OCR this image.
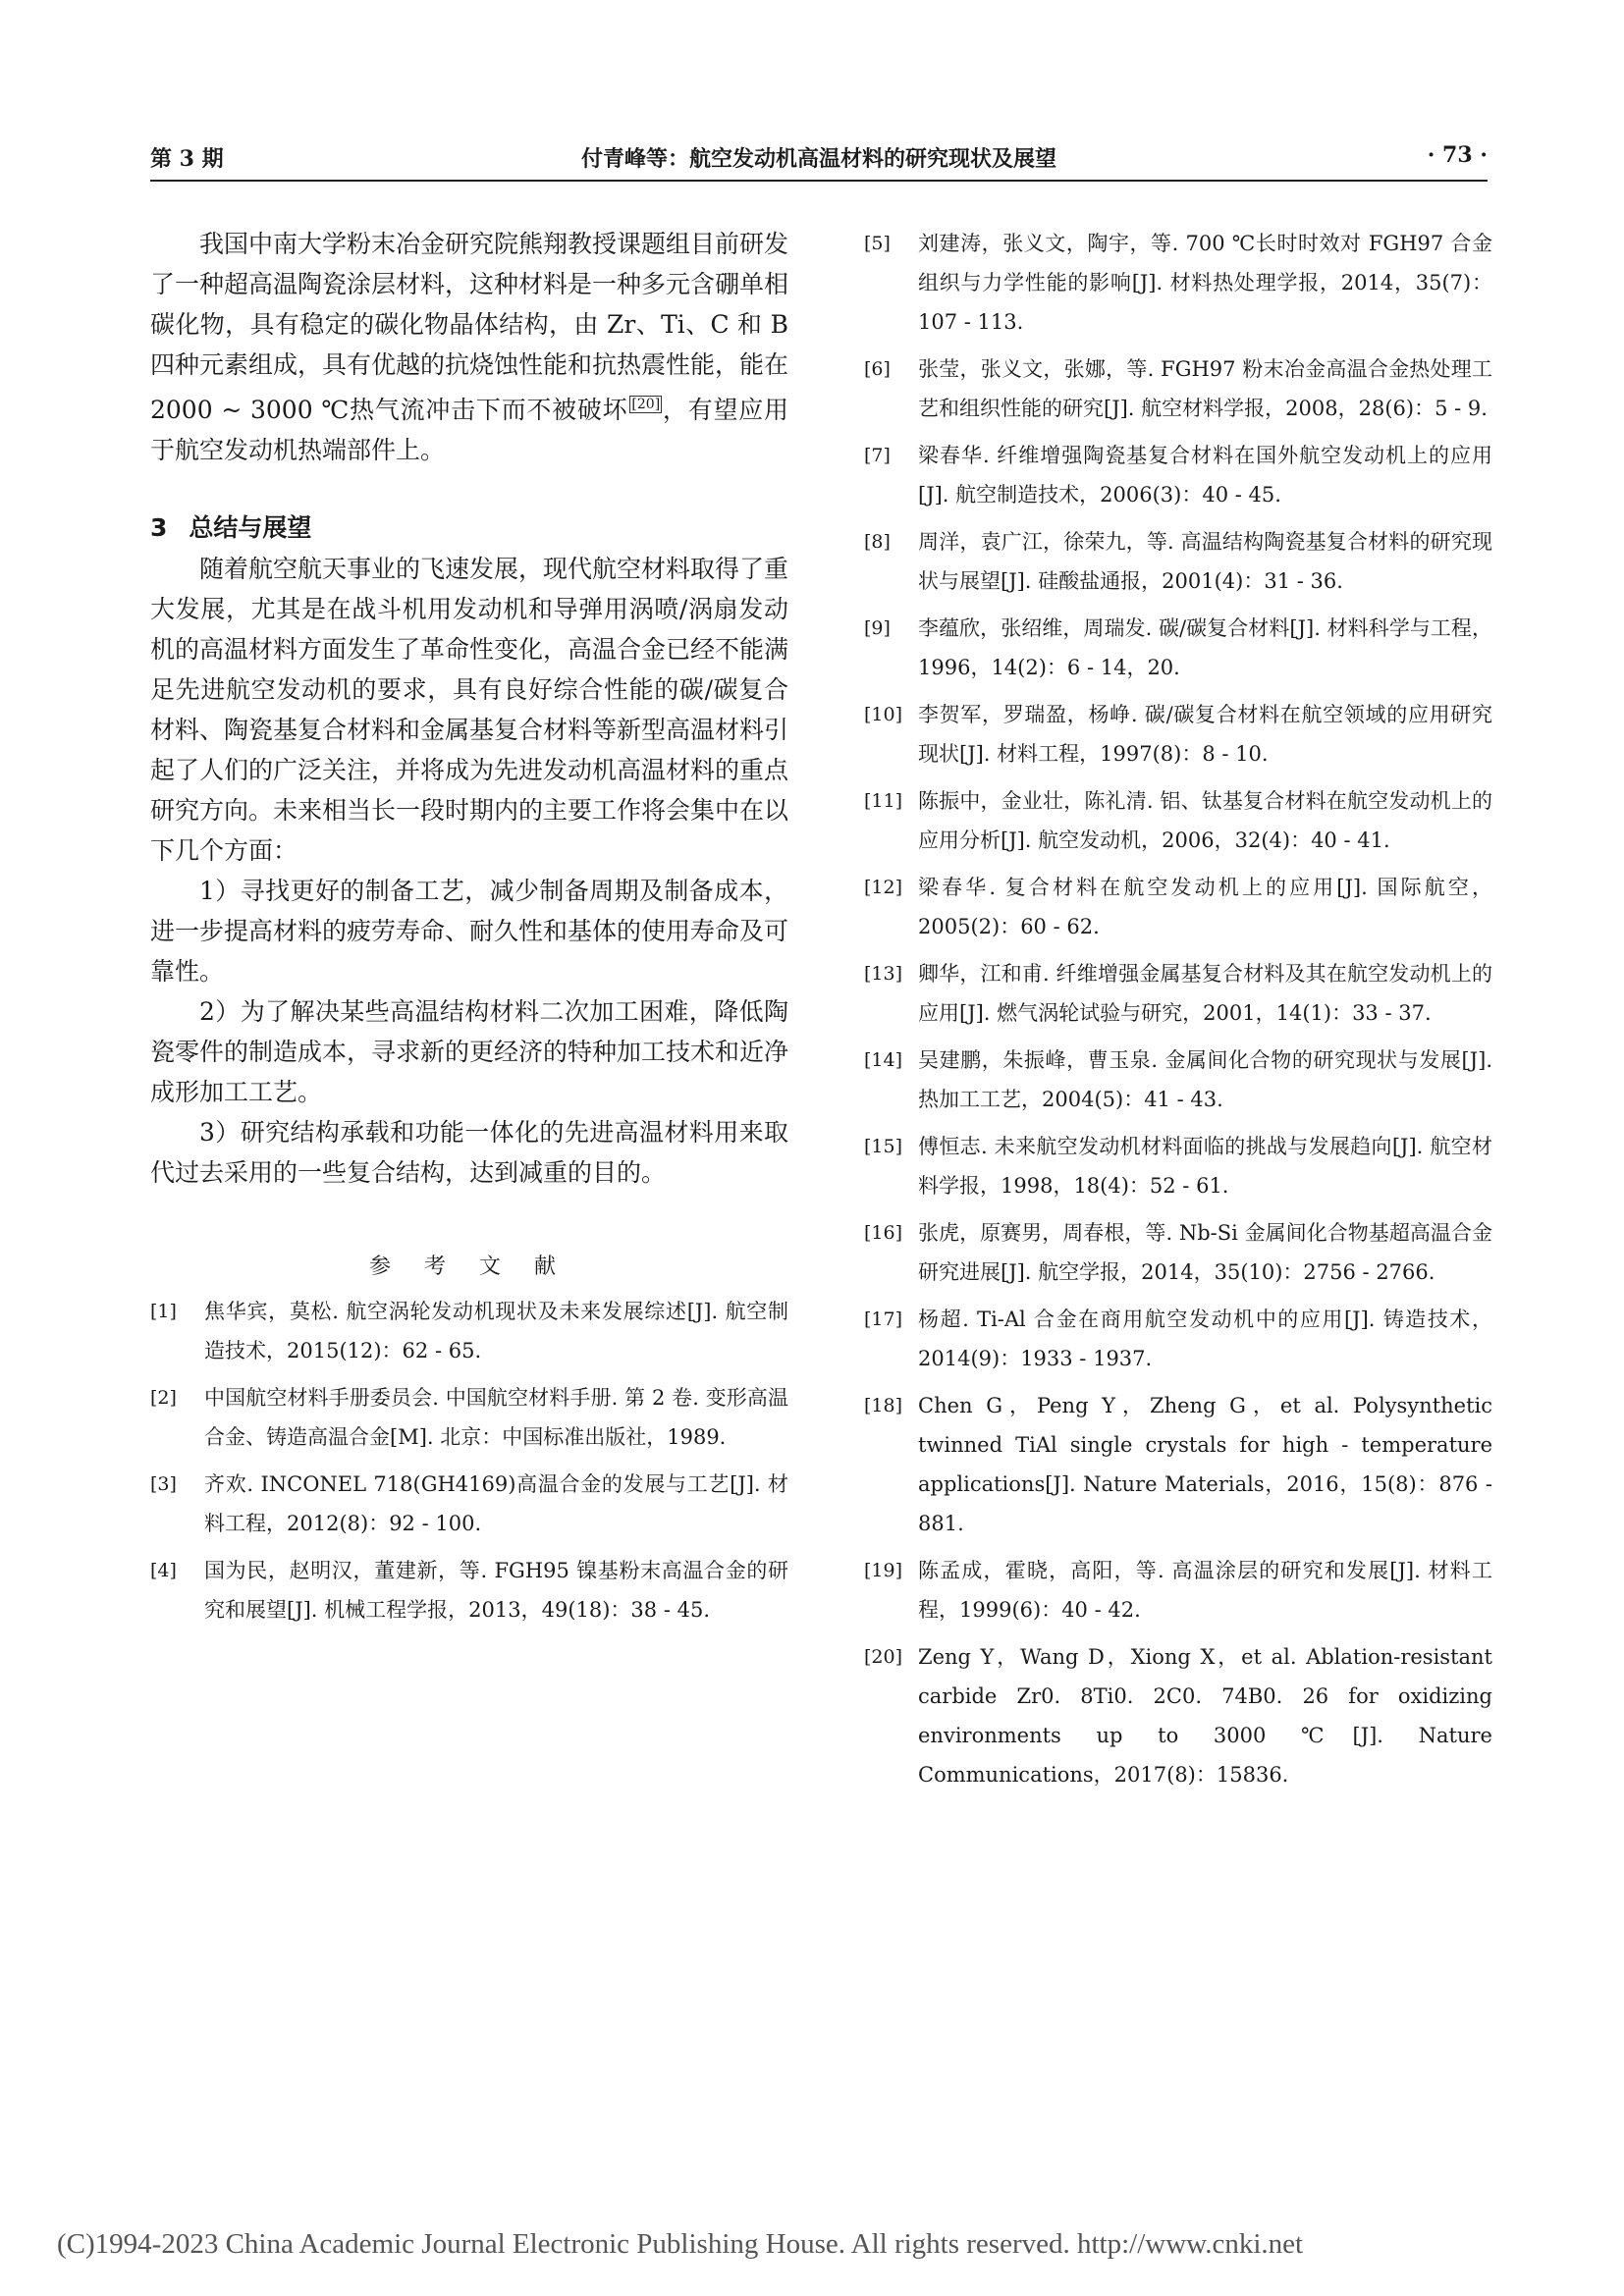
第 3 期	付青峰等：航空发动机高温材料的研究现状及展望	· 73 ·

我国中南大学粉末冶金研究院熊翔教授课题组目前研发了一种超高温陶瓷涂层材料，这种材料是一种多元含硼单相碳化物，具有稳定的碳化物晶体结构，由 Zr、Ti、C 和 B 四种元素组成，具有优越的抗烧蚀性能和抗热震性能，能在 2000 ~ 3000 ℃热气流冲击下而不被破坏 [20]，有望应用于航空发动机热端部件上。

3 总结与展望

随着航空航天事业的飞速发展，现代航空材料取得了重大发展，尤其是在战斗机用发动机和导弹用涡喷/涡扇发动机的高温材料方面发生了革命性变化，高温合金已经不能满足先进航空发动机的要求，具有良好综合性能的碳/碳复合材料、陶瓷基复合材料和金属基复合材料等新型高温材料引起了人们的广泛关注，并将成为先进发动机高温材料的重点研究方向。未来相当长一段时期内的主要工作将会集中在以下几个方面：

1）寻找更好的制备工艺，减少制备周期及制备成本，进一步提高材料的疲劳寿命、耐久性和基体的使用寿命及可靠性。

2）为了解决某些高温结构材料二次加工困难，降低陶瓷零件的制造成本，寻求新的更经济的特种加工技术和近净成形加工工艺。

3）研究结构承载和功能一体化的先进高温材料用来取代过去采用的一些复合结构，达到减重的目的。

参考文献
[1] 焦华宾，莫松. 航空涡轮发动机现状及未来发展综述[J]. 航空制造技术，2015(12)：62 - 65.
[2] 中国航空材料手册委员会. 中国航空材料手册. 第 2 卷. 变形高温合金、铸造高温合金[M]. 北京：中国标准出版社，1989.
[3] 齐欢. INCONEL 718(GH4169)高温合金的发展与工艺[J]. 材料工程，2012(8)：92 - 100.
[4] 国为民，赵明汉，董建新，等. FGH95 镍基粉末高温合金的研究和展望[J]. 机械工程学报，2013，49(18)：38 - 45.
[5] 刘建涛，张义文，陶宇，等. 700 ℃长时时效对 FGH97 合金组织与力学性能的影响[J]. 材料热处理学报，2014，35(7)：107 - 113.
[6] 张莹，张义文，张娜，等. FGH97 粉末冶金高温合金热处理工艺和组织性能的研究[J]. 航空材料学报，2008，28(6)：5 - 9.
[7] 梁春华. 纤维增强陶瓷基复合材料在国外航空发动机上的应用[J]. 航空制造技术，2006(3)：40 - 45.
[8] 周洋，袁广江，徐荣九，等. 高温结构陶瓷基复合材料的研究现状与展望[J]. 硅酸盐通报，2001(4)：31 - 36.
[9] 李蕴欣，张绍维，周瑞发. 碳/碳复合材料[J]. 材料科学与工程，1996，14(2)：6 - 14，20.
[10] 李贺军，罗瑞盈，杨峥. 碳/碳复合材料在航空领域的应用研究现状[J]. 材料工程，1997(8)：8 - 10.
[11] 陈振中，金业壮，陈礼清. 铝、钛基复合材料在航空发动机上的应用分析[J]. 航空发动机，2006，32(4)：40 - 41.
[12] 梁春华. 复合材料在航空发动机上的应用[J]. 国际航空，2005(2)：60 - 62.
[13] 卿华，江和甫. 纤维增强金属基复合材料及其在航空发动机上的应用[J]. 燃气涡轮试验与研究，2001，14(1)：33 - 37.
[14] 吴建鹏，朱振峰，曹玉泉. 金属间化合物的研究现状与发展[J]. 热加工工艺，2004(5)：41 - 43.
[15] 傅恒志. 未来航空发动机材料面临的挑战与发展趋向[J]. 航空材料学报，1998，18(4)：52 - 61.
[16] 张虎，原赛男，周春根，等. Nb-Si 金属间化合物基超高温合金研究进展[J]. 航空学报，2014，35(10)：2756 - 2766.
[17] 杨超. Ti-Al 合金在商用航空发动机中的应用[J]. 铸造技术，2014(9)：1933 - 1937.
[18] Chen G，Peng Y，Zheng G，et al. Polysynthetic twinned TiAl single crystals for high - temperature applications[J]. Nature Materials，2016，15(8)：876 - 881.
[19] 陈孟成，霍晓，高阳，等. 高温涂层的研究和发展[J]. 材料工程，1999(6)：40 - 42.
[20] Zeng Y，Wang D，Xiong X，et al. Ablation-resistant carbide Zr0. 8Ti0. 2C0. 74B0. 26 for oxidizing environments up to 3000 ℃[J]. Nature Communications，2017(8)：15836.
(C)1994-2023 China Academic Journal Electronic Publishing House. All rights reserved. http://www.cnki.net
